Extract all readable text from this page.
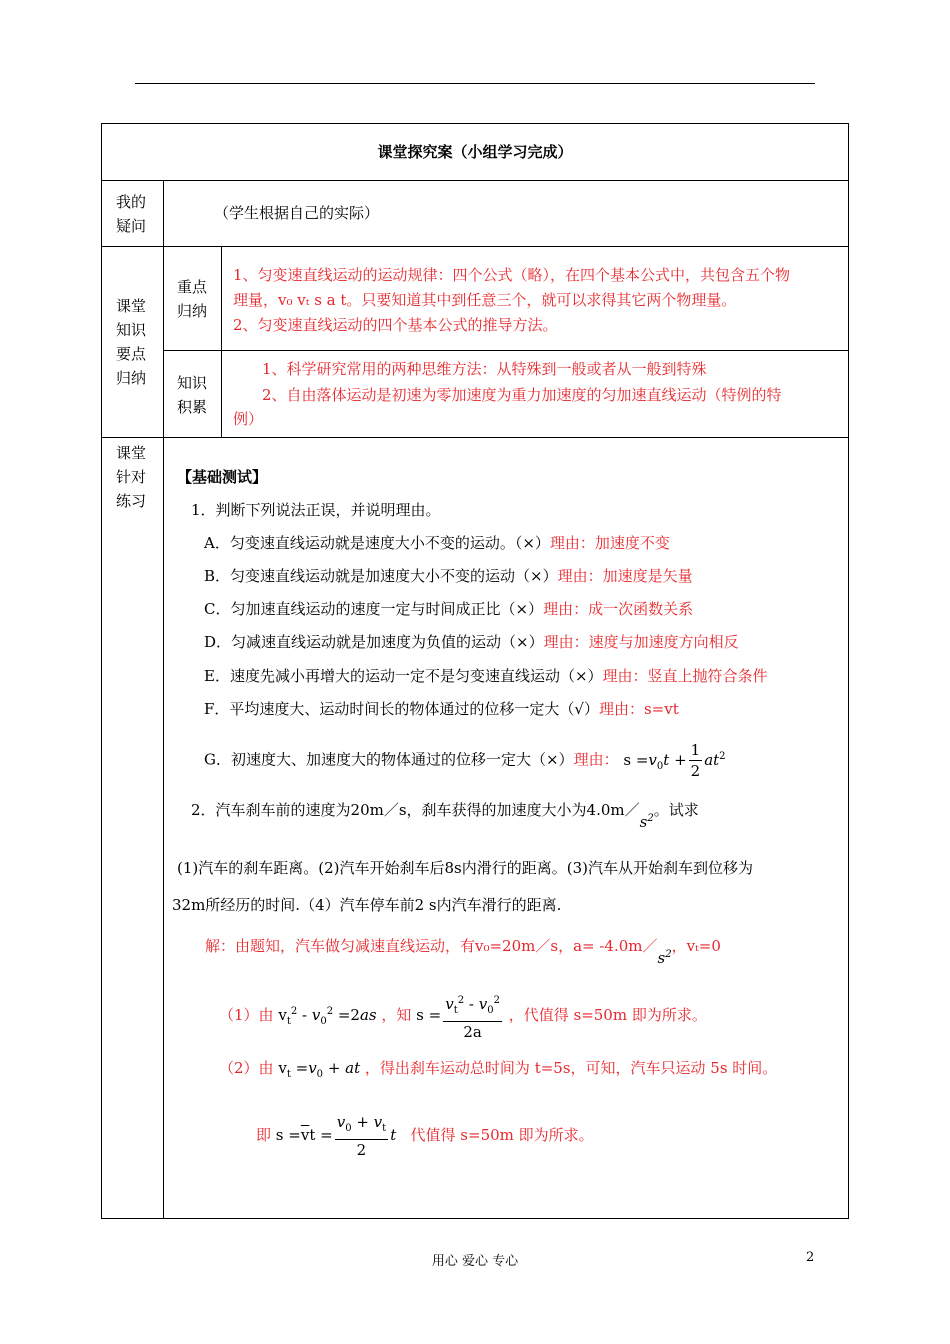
课堂探究案（小组学习完成）
我的
疑问
（学生根据自己的实际）
课堂
知识
要点
归纳
重点
归纳
知识
积累
1、匀变速直线运动的运动规律：四个公式（略），在四个基本公式中，共包含五个物
理量，v₀ vₜ s a t。只要知道其中到任意三个，就可以求得其它两个物理量。
2、匀变速直线运动的四个基本公式的推导方法。
1、科学研究常用的两种思维方法：从特殊到一般或者从一般到特殊
2、自由落体运动是初速为零加速度为重力加速度的匀加速直线运动（特例的特
例）
课堂
针对
练习
【基础测试】
1．判断下列说法正误，并说明理由。
A．匀变速直线运动就是速度大小不变的运动。（×）理由：加速度不变
B．匀变速直线运动就是加速度大小不变的运动（×）理由：加速度是矢量
C．匀加速直线运动的速度一定与时间成正比（×）理由：成一次函数关系
D．匀减速直线运动就是加速度为负值的运动（×）理由：速度与加速度方向相反
E．速度先减小再增大的运动一定不是匀变速直线运动（×）理由：竖直上抛符合条件
F．平均速度大、运动时间长的物体通过的位移一定大（√）理由：s=vt
G．初速度大、加速度大的物体通过的位移一定大（×）理由： $s =v_0t + \frac{1}{2} at^2$
2．汽车刹车前的速度为20m／s，刹车获得的加速度大小为$4.0m/s^2$。试求
(1)汽车的刹车距离。(2)汽车开始刹车后8s内滑行的距离。(3)汽车从开始刹车到位移为
32m所经历的时间.（4）汽车停车前2 s内汽车滑行的距离.
解：由题知，汽车做匀减速直线运动，有v₀=20m／s，$a= -4.0m/s^2$，vₜ=0
（1）由 $v_t^2 - v_0^2 =2as$ ，知 $s = \frac{v_t^2 - v_0^2}{2a}$ ，代值得 s=50m 即为所求。
（2）由 $v_t =v_0$ + at ，得出刹车运动总时间为 t=5s，可知，汽车只运动 5s 时间。
即 $s =\overline{v}t = \frac{v_0 + v_t}{2}$ t 代值得 s=50m 即为所求。
用心 爱心 专心	2
